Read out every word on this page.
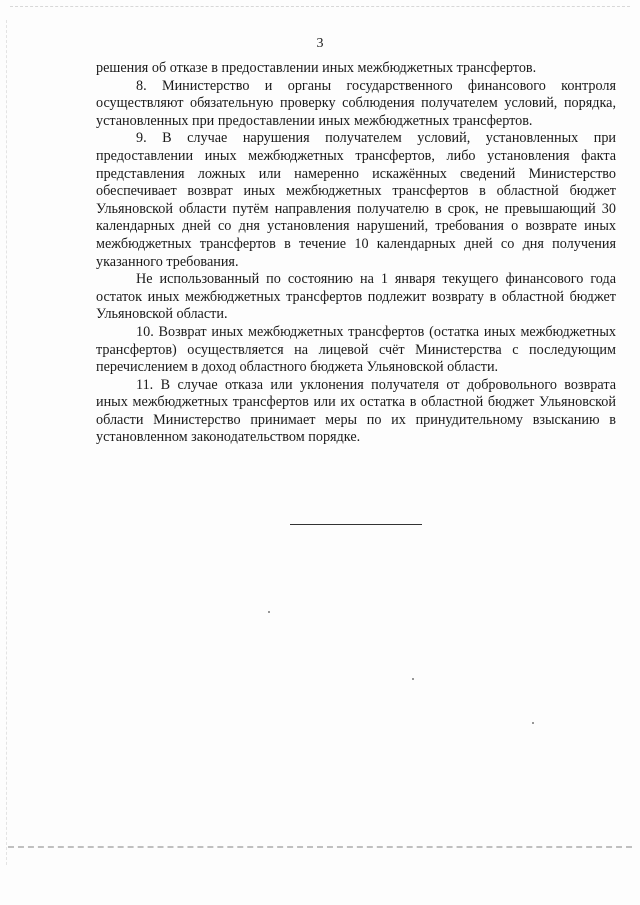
3

решения об отказе в предоставлении иных межбюджетных трансфертов.

8. Министерство и органы государственного финансового контроля осуществляют обязательную проверку соблюдения получателем условий, порядка, установленных при предоставлении иных межбюджетных трансфертов.

9. В случае нарушения получателем условий, установленных при предоставлении иных межбюджетных трансфертов, либо установления факта представления ложных или намеренно искажённых сведений Министерство обеспечивает возврат иных межбюджетных трансфертов в областной бюджет Ульяновской области путём направления получателю в срок, не превышающий 30 календарных дней со дня установления нарушений, требования о возврате иных межбюджетных трансфертов в течение 10 календарных дней со дня получения указанного требования.

Не использованный по состоянию на 1 января текущего финансового года остаток иных межбюджетных трансфертов подлежит возврату в областной бюджет Ульяновской области.

10. Возврат иных межбюджетных трансфертов (остатка иных межбюджетных трансфертов) осуществляется на лицевой счёт Министерства с последующим перечислением в доход областного бюджета Ульяновской области.

11. В случае отказа или уклонения получателя от добровольного возврата иных межбюджетных трансфертов или их остатка в областной бюджет Ульяновской области Министерство принимает меры по их принудительному взысканию в установленном законодательством порядке.
